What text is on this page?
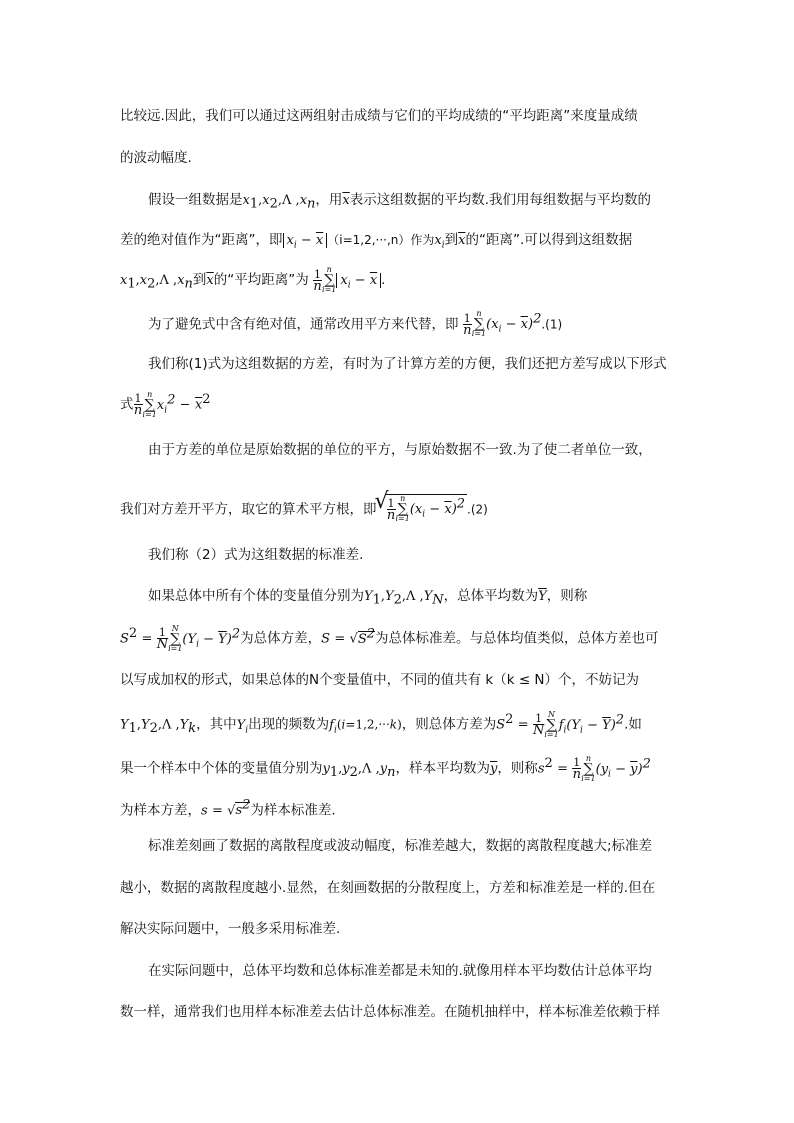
比较远.因此，我们可以通过这两组射击成绩与它们的平均成绩的“平均距离”来度量成绩
的波动幅度.
假设一组数据是$x_1,x_2,\Lambda$ $,x_n$，用$\overline{x}$表示这组数据的平均数.我们用每组数据与平均数的
差的绝对值作为“距离”，即 $x_i - \overline{x}$ （i=1,2,···,n）作为$x_i$到$\overline{x}$的“距离”.可以得到这组数据
$x_1,x_2,\Lambda$ $,x_n$到$\overline{x}$的“平均距离”为 $\frac{1}{n}$ n
∑
i=1
$x_i - \overline{x}$ .
为了避免式中含有绝对值，通常改用平方来代替，即 $\frac{1}{n}$ n
∑
i=1
$(x_i - \overline{x})^2.(1)$
我们称(1)式为这组数据的方差，有时为了计算方差的方便，我们还把方差写成以下形式
式 $\frac{1}{n}$ n
∑
i=1
$x_i^2 - \overline{x}^2$
由于方差的单位是原始数据的单位的平方，与原始数据不一致.为了使二者单位一致，
我们对方差开平方，取它的算术平方根，即 √ $\frac{1}{n}$ n
∑
i=1
$(x_i - \overline{x})^2$ .(2)
我们称（2）式为这组数据的标准差.
如果总体中所有个体的变量值分别为$Y_1,Y_2,\Lambda$ $,Y_N$，总体平均数为$\overline{Y}$，则称
$S^2 = \frac{1}{N}$ N
∑
i=1
$(Y_i - \overline{Y})^2$为总体方差，$S = √S^2$为总体标准差。与总体均值类似，总体方差也可
以写成加权的形式，如果总体的N个变量值中，不同的值共有 k（k ≤ N）个，不妨记为
$Y_1,Y_2,\Lambda$ $,Y_k$，其中$Y_i$出现的频数为$f_i(i=1,2,\cdot\cdot\cdot k)$，则总体方差为$S^2 = \frac{1}{N}$ N
∑
i=1
$f_i(Y_i - \overline{Y})^2$.如
果一个样本中个体的变量值分别为$y_1,y_2,\Lambda$ $,y_n$，样本平均数为$\overline{y}$，则称$s^2 = \frac{1}{n}$ n
∑
i=1
$(y_i - \overline{y})^2$
为样本方差，$s = √s^2$为样本标准差.
标准差刻画了数据的离散程度或波动幅度，标准差越大，数据的离散程度越大;标准差
越小，数据的离散程度越小.显然，在刻画数据的分散程度上，方差和标准差是一样的.但在
解决实际问题中，一般多采用标准差.
在实际问题中，总体平均数和总体标准差都是未知的.就像用样本平均数估计总体平均
数一样，通常我们也用样本标准差去估计总体标准差。在随机抽样中，样本标准差依赖于样
